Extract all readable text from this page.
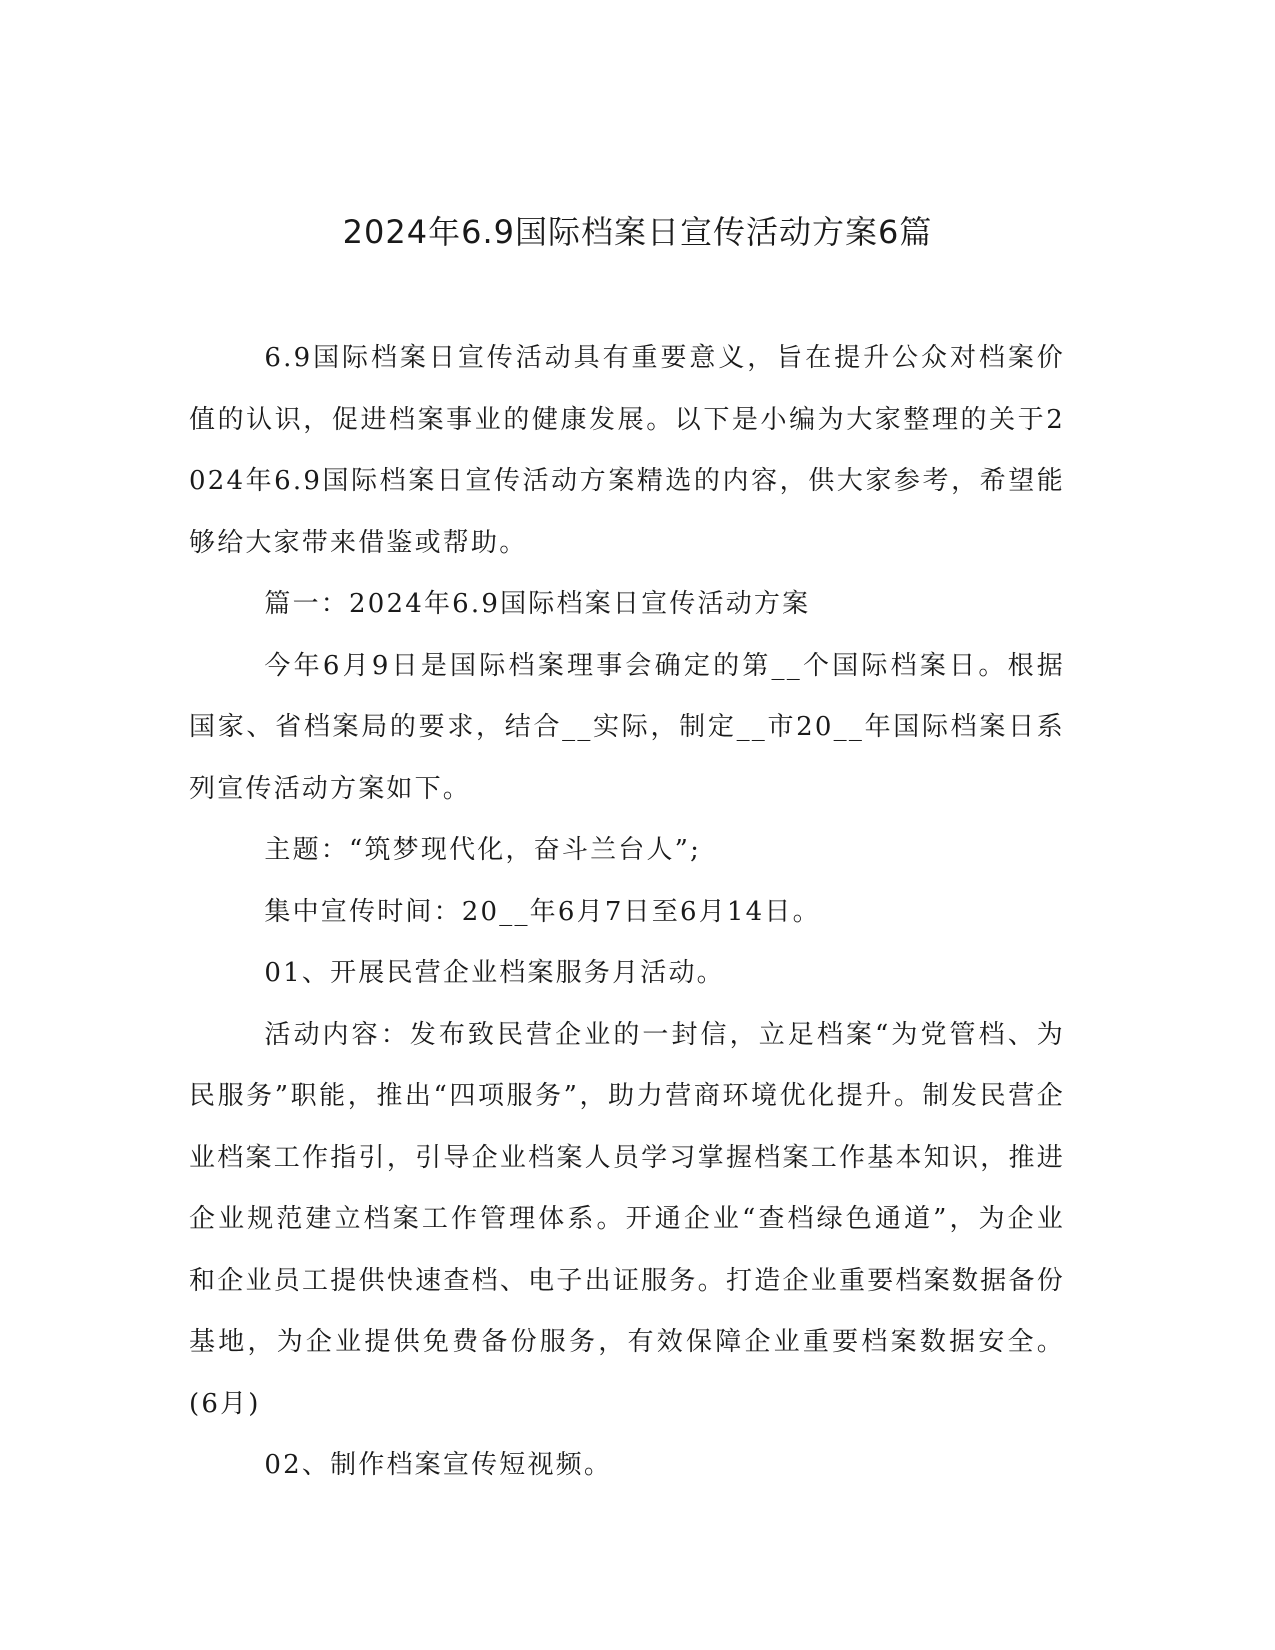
2024年6.9国际档案日宣传活动方案6篇

6.9国际档案日宣传活动具有重要意义，旨在提升公众对档案价值的认识，促进档案事业的健康发展。以下是小编为大家整理的关于2024年6.9国际档案日宣传活动方案精选的内容，供大家参考，希望能够给大家带来借鉴或帮助。

篇一：2024年6.9国际档案日宣传活动方案

今年6月9日是国际档案理事会确定的第__个国际档案日。根据国家、省档案局的要求，结合__实际，制定__市20__年国际档案日系列宣传活动方案如下。

主题：“筑梦现代化，奋斗兰台人”;

集中宣传时间：20__年6月7日至6月14日。

01、开展民营企业档案服务月活动。

活动内容：发布致民营企业的一封信，立足档案“为党管档、为民服务”职能，推出“四项服务”，助力营商环境优化提升。制发民营企业档案工作指引，引导企业档案人员学习掌握档案工作基本知识，推进企业规范建立档案工作管理体系。开通企业“查档绿色通道”，为企业和企业员工提供快速查档、电子出证服务。打造企业重要档案数据备份基地，为企业提供免费备份服务，有效保障企业重要档案数据安全。(6月)

02、制作档案宣传短视频。
